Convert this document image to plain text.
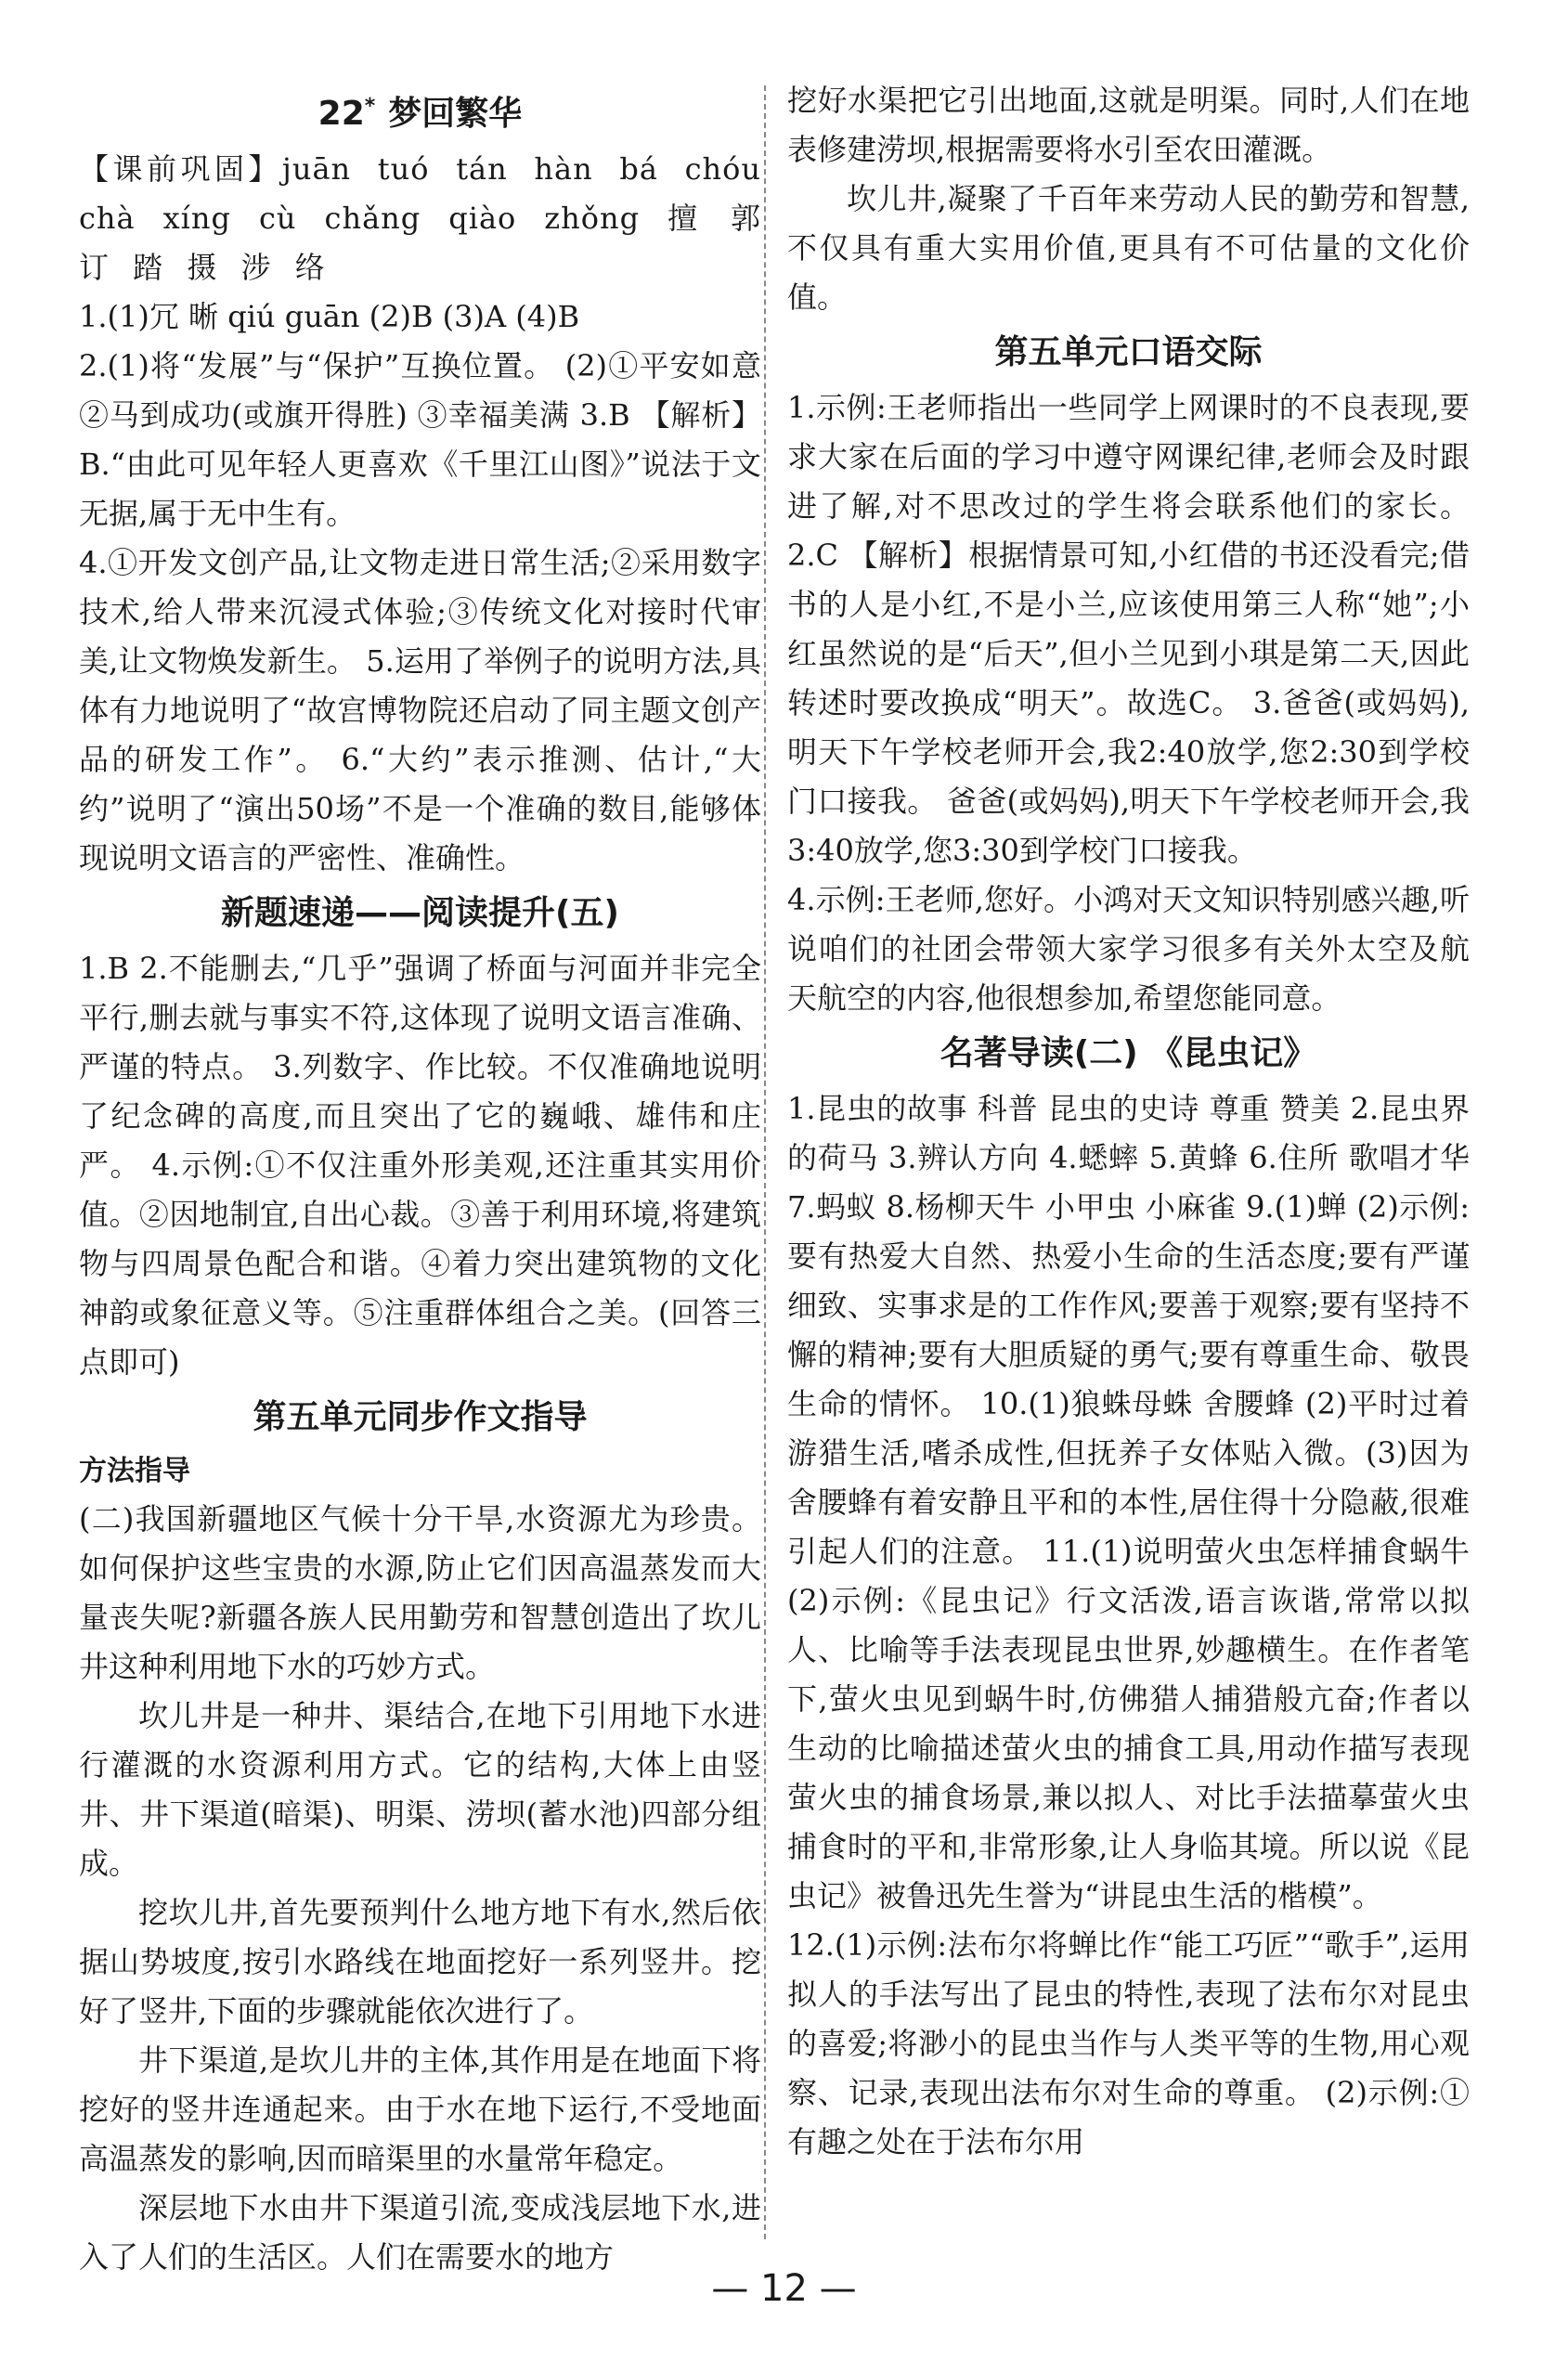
22* 梦回繁华

【课前巩固】juān tuó tán hàn bá chóu chà xíng cù chǎng qiào zhǒng 擅 郭 订 踏 摄 涉 络

1.(1)冗 晰 qiú guān (2)B (3)A (4)B

2.(1)将“发展”与“保护”互换位置。 (2)①平安如意 ②马到成功(或旗开得胜) ③幸福美满 3.B 【解析】B.“由此可见年轻人更喜欢《千里江山图》”说法于文无据,属于无中生有。

4.①开发文创产品,让文物走进日常生活;②采用数字技术,给人带来沉浸式体验;③传统文化对接时代审美,让文物焕发新生。 5.运用了举例子的说明方法,具体有力地说明了“故宫博物院还启动了同主题文创产品的研发工作”。 6.“大约”表示推测、估计,“大约”说明了“演出50场”不是一个准确的数目,能够体现说明文语言的严密性、准确性。

新题速递——阅读提升(五)

1.B 2.不能删去,“几乎”强调了桥面与河面并非完全平行,删去就与事实不符,这体现了说明文语言准确、严谨的特点。 3.列数字、作比较。不仅准确地说明了纪念碑的高度,而且突出了它的巍峨、雄伟和庄严。 4.示例:①不仅注重外形美观,还注重其实用价值。②因地制宜,自出心裁。③善于利用环境,将建筑物与四周景色配合和谐。④着力突出建筑物的文化神韵或象征意义等。⑤注重群体组合之美。(回答三点即可)

第五单元同步作文指导
方法指导

(二)我国新疆地区气候十分干旱,水资源尤为珍贵。如何保护这些宝贵的水源,防止它们因高温蒸发而大量丧失呢?新疆各族人民用勤劳和智慧创造出了坎儿井这种利用地下水的巧妙方式。

坎儿井是一种井、渠结合,在地下引用地下水进行灌溉的水资源利用方式。它的结构,大体上由竖井、井下渠道(暗渠)、明渠、涝坝(蓄水池)四部分组成。

挖坎儿井,首先要预判什么地方地下有水,然后依据山势坡度,按引水路线在地面挖好一系列竖井。挖好了竖井,下面的步骤就能依次进行了。

井下渠道,是坎儿井的主体,其作用是在地面下将挖好的竖井连通起来。由于水在地下运行,不受地面高温蒸发的影响,因而暗渠里的水量常年稳定。

深层地下水由井下渠道引流,变成浅层地下水,进入了人们的生活区。人们在需要水的地方

挖好水渠把它引出地面,这就是明渠。同时,人们在地表修建涝坝,根据需要将水引至农田灌溉。

坎儿井,凝聚了千百年来劳动人民的勤劳和智慧,不仅具有重大实用价值,更具有不可估量的文化价值。

第五单元口语交际

1.示例:王老师指出一些同学上网课时的不良表现,要求大家在后面的学习中遵守网课纪律,老师会及时跟进了解,对不思改过的学生将会联系他们的家长。 2.C 【解析】根据情景可知,小红借的书还没看完;借书的人是小红,不是小兰,应该使用第三人称“她”;小红虽然说的是“后天”,但小兰见到小琪是第二天,因此转述时要改换成“明天”。故选C。 3.爸爸(或妈妈),明天下午学校老师开会,我2:40放学,您2:30到学校门口接我。 爸爸(或妈妈),明天下午学校老师开会,我3:40放学,您3:30到学校门口接我。

4.示例:王老师,您好。小鸿对天文知识特别感兴趣,听说咱们的社团会带领大家学习很多有关外太空及航天航空的内容,他很想参加,希望您能同意。

名著导读(二) 《昆虫记》

1.昆虫的故事 科普 昆虫的史诗 尊重 赞美 2.昆虫界的荷马 3.辨认方向 4.蟋蟀 5.黄蜂 6.住所 歌唱才华 7.蚂蚁 8.杨柳天牛 小甲虫 小麻雀 9.(1)蝉 (2)示例:要有热爱大自然、热爱小生命的生活态度;要有严谨细致、实事求是的工作作风;要善于观察;要有坚持不懈的精神;要有大胆质疑的勇气;要有尊重生命、敬畏生命的情怀。 10.(1)狼蛛母蛛 舍腰蜂 (2)平时过着游猎生活,嗜杀成性,但抚养子女体贴入微。(3)因为舍腰蜂有着安静且平和的本性,居住得十分隐蔽,很难引起人们的注意。 11.(1)说明萤火虫怎样捕食蜗牛 (2)示例:《昆虫记》行文活泼,语言诙谐,常常以拟人、比喻等手法表现昆虫世界,妙趣横生。在作者笔下,萤火虫见到蜗牛时,仿佛猎人捕猎般亢奋;作者以生动的比喻描述萤火虫的捕食工具,用动作描写表现萤火虫的捕食场景,兼以拟人、对比手法描摹萤火虫捕食时的平和,非常形象,让人身临其境。所以说《昆虫记》被鲁迅先生誉为“讲昆虫生活的楷模”。

12.(1)示例:法布尔将蝉比作“能工巧匠”“歌手”,运用拟人的手法写出了昆虫的特性,表现了法布尔对昆虫的喜爱;将渺小的昆虫当作与人类平等的生物,用心观察、记录,表现出法布尔对生命的尊重。 (2)示例:①有趣之处在于法布尔用

— 12 —
